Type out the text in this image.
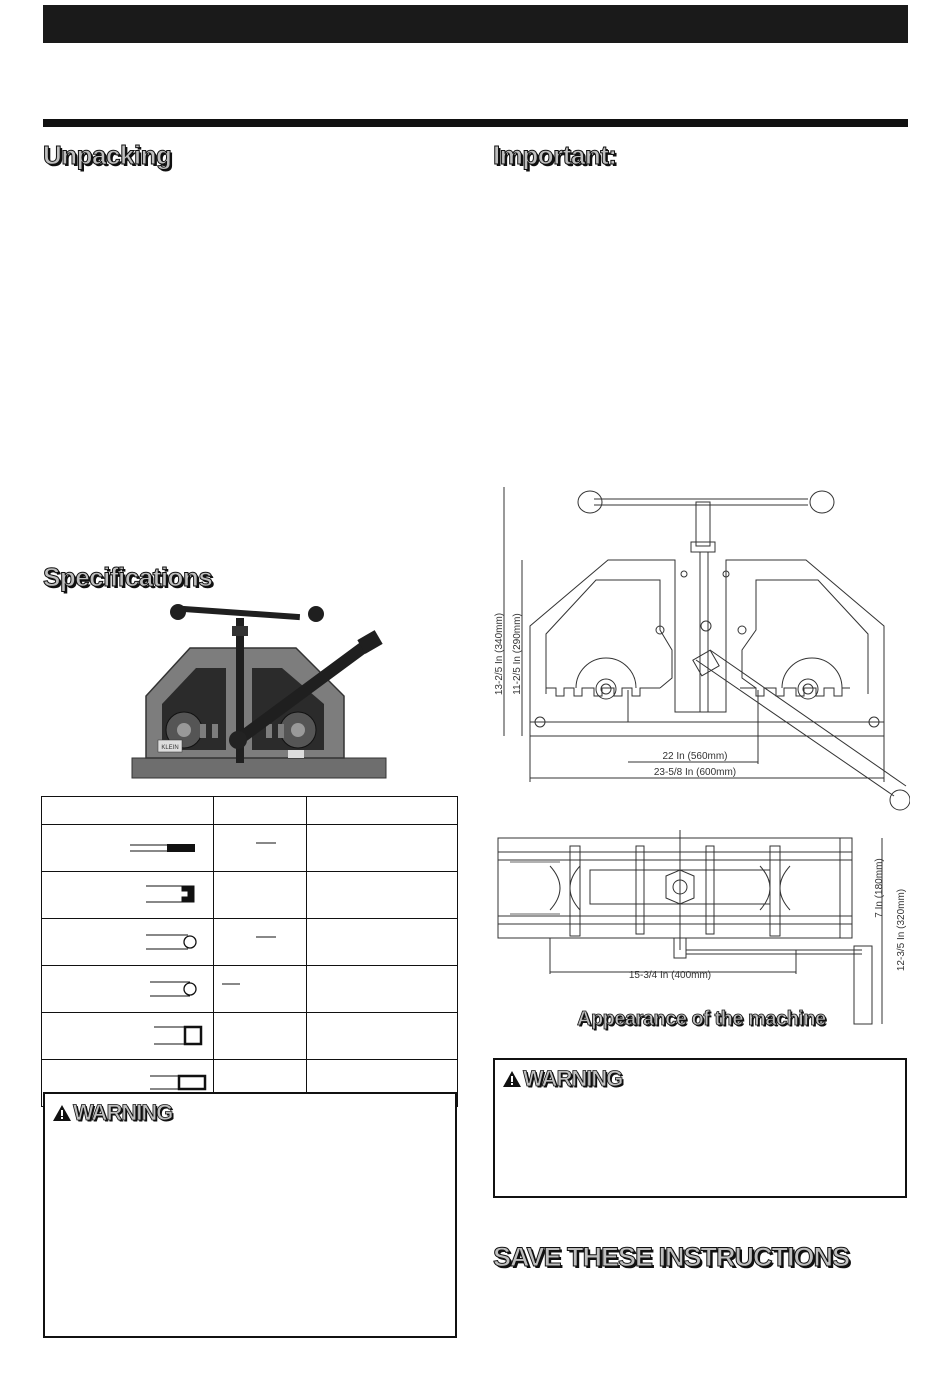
Unpacking	Important:
Specifications
SAVE THESE INSTRUCTIONS
KLEIN

13-2/5 In (340mm) 11-2/5 In (290mm)
22 In (560mm)
23-5/8 In (600mm)
15-3/4 In (400mm)
7 In (180mm)
12-3/5 In (320mm)
Appearance of the machine
WARNING
WARNING
